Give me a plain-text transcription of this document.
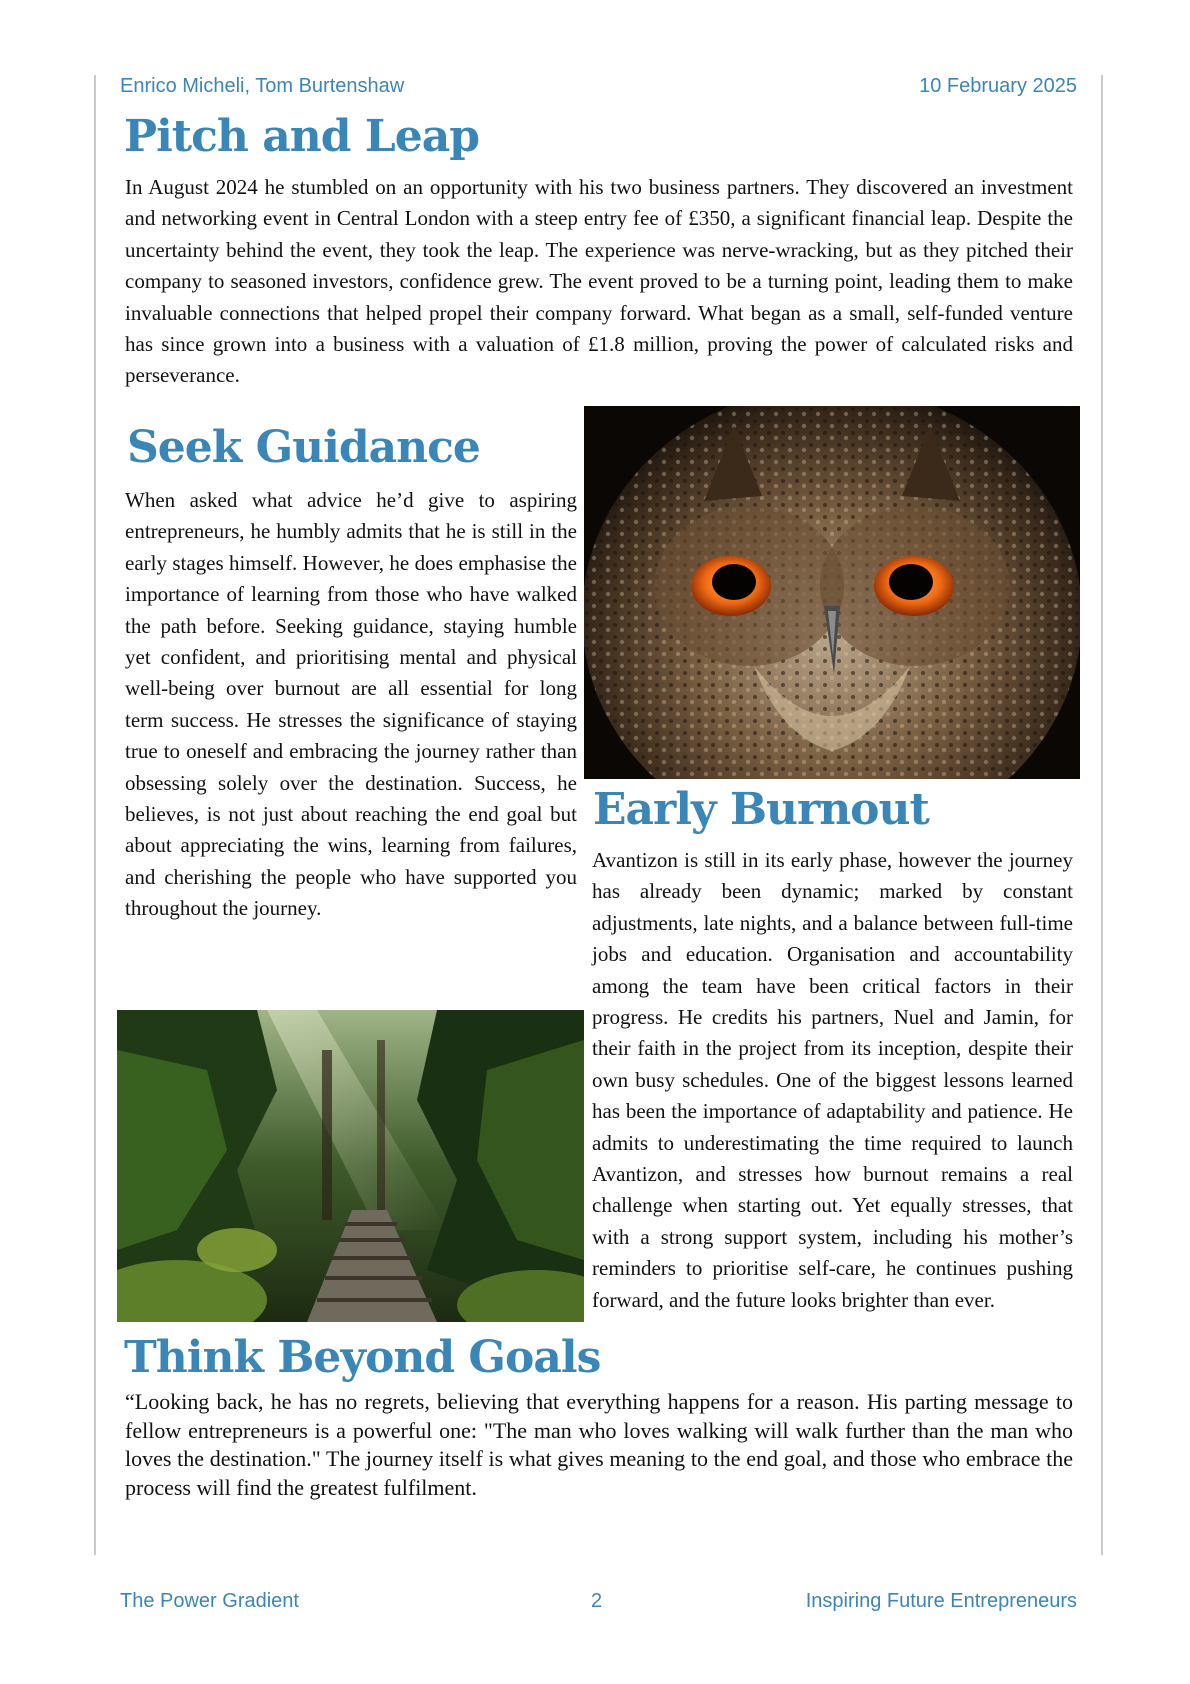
Enrico Micheli, Tom Burtenshaw	10 February 2025
Pitch and Leap

In August 2024 he stumbled on an opportunity with his two business partners. They discovered an investment and networking event in Central London with a steep entry fee of £350, a significant financial leap. Despite the uncertainty behind the event, they took the leap. The experience was nerve-wracking, but as they pitched their company to seasoned investors, confidence grew. The event proved to be a turning point, leading them to make invaluable connections that helped propel their company forward. What began as a small, self-funded venture has since grown into a business with a valuation of £1.8 million, proving the power of calculated risks and perseverance.

Seek Guidance

When asked what advice he’d give to aspiring entrepreneurs, he humbly admits that he is still in the early stages himself. However, he does emphasise the importance of learning from those who have walked the path before. Seeking guidance, staying humble yet confident, and prioritising mental and physical well-being over burnout are all essential for long term success. He stresses the significance of staying true to oneself and embracing the journey rather than obsessing solely over the destination. Success, he believes, is not just about reaching the end goal but about appreciating the wins, learning from failures, and cherishing the people who have supported you throughout the journey.

Early Burnout

Avantizon is still in its early phase, however the journey has already been dynamic; marked by constant adjustments, late nights, and a balance between full-time jobs and education. Organisation and accountability among the team have been critical factors in their progress. He credits his partners, Nuel and Jamin, for their faith in the project from its inception, despite their own busy schedules. One of the biggest lessons learned has been the importance of adaptability and patience. He admits to underestimating the time required to launch Avantizon, and stresses how burnout remains a real challenge when starting out. Yet equally stresses, that with a strong support system, including his mother’s reminders to prioritise self-care, he continues pushing forward, and the future looks brighter than ever.

Think Beyond Goals

“Looking back, he has no regrets, believing that everything happens for a reason. His parting message to fellow entrepreneurs is a powerful one: "The man who loves walking will walk further than the man who loves the destination." The journey itself is what gives meaning to the end goal, and those who embrace the process will find the greatest fulfilment.

The Power Gradient	2	Inspiring Future Entrepreneurs
